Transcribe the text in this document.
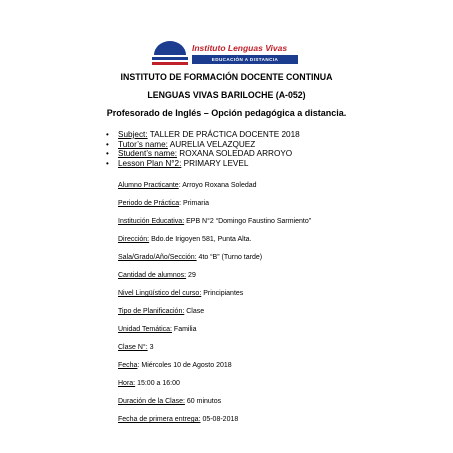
Instituto Lenguas Vivas
EDUCACIÓN A DISTANCIA
INSTITUTO DE FORMACIÓN DOCENTE CONTINUA
LENGUAS VIVAS BARILOCHE (A-052)
Profesorado de Inglés – Opción pedagógica a distancia.
• Subject: TALLER DE PRÁCTICA DOCENTE 2018
• Tutor’s name: AURELIA VELAZQUEZ
• Student’s name: ROXANA SOLEDAD ARROYO
• Lesson Plan N°2: PRIMARY LEVEL
Alumno Practicante: Arroyo Roxana Soledad
Periodo de Práctica: Primaria
Institución Educativa: EPB N°2 “Domingo Faustino Sarmiento”
Dirección: Bdo.de Irigoyen 581, Punta Alta.
Sala/Grado/Año/Sección: 4to “B” (Turno tarde)
Cantidad de alumnos: 29
Nivel Lingüístico del curso: Principiantes
Tipo de Planificación: Clase
Unidad Temática: Familia
Clase N°: 3
Fecha: Miércoles 10 de Agosto 2018
Hora: 15:00 a 16:00
Duración de la Clase: 60 minutos
Fecha de primera entrega: 05-08-2018
